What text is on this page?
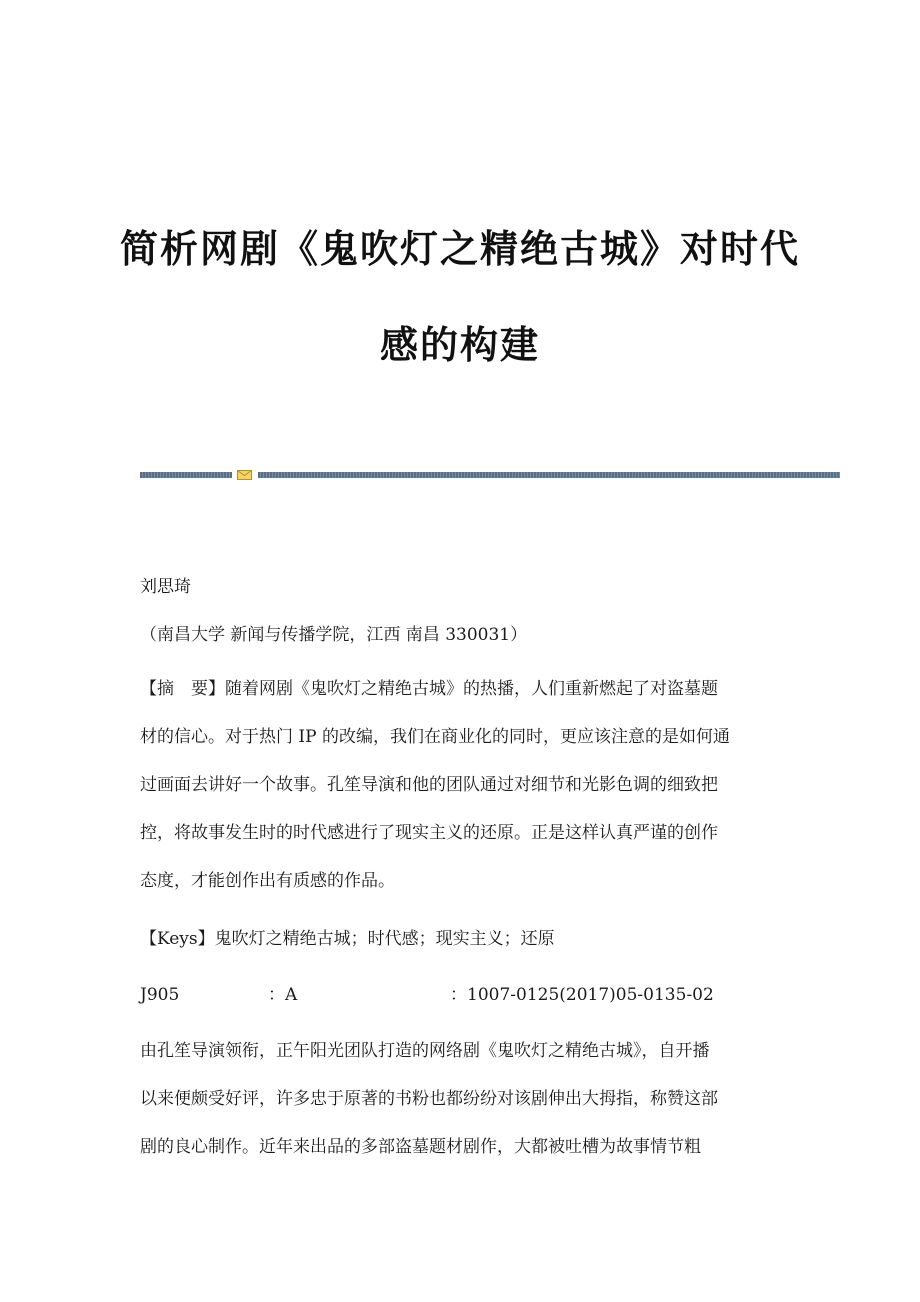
简析网剧《鬼吹灯之精绝古城》对时代
感的构建

刘思琦

（南昌大学 新闻与传播学院，江西 南昌 330031）

【摘　要】随着网剧《鬼吹灯之精绝古城》的热播，人们重新燃起了对盗墓题

材的信心。对于热门 IP 的改编，我们在商业化的同时，更应该注意的是如何通

过画面去讲好一个故事。孔笙导演和他的团队通过对细节和光影色调的细致把

控，将故事发生时的时代感进行了现实主义的还原。正是这样认真严谨的创作

态度，才能创作出有质感的作品。

【Keys】鬼吹灯之精绝古城；时代感；现实主义；还原

J905	：A	：1007-0125(2017)05-0135-02

由孔笙导演领衔，正午阳光团队打造的网络剧《鬼吹灯之精绝古城》，自开播

以来便颇受好评，许多忠于原著的书粉也都纷纷对该剧伸出大拇指，称赞这部

剧的良心制作。近年来出品的多部盗墓题材剧作，大都被吐槽为故事情节粗
